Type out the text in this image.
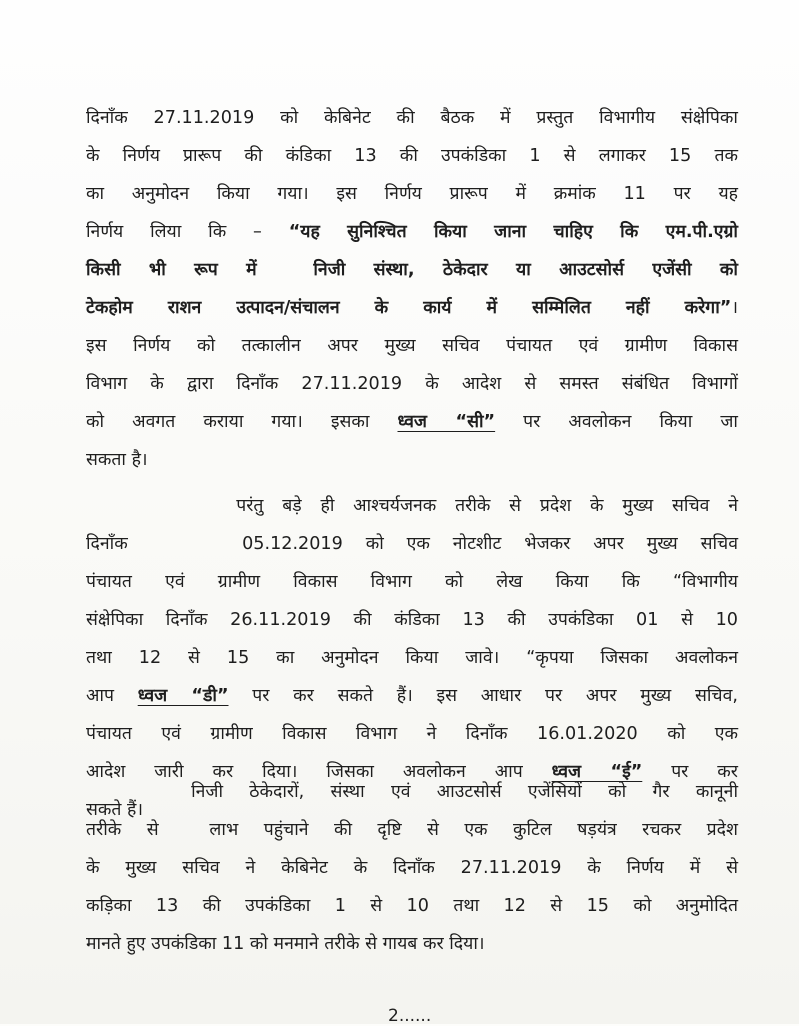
दिनाँक 27.11.2019 को केबिनेट की बैठक में प्रस्तुत विभागीय संक्षेपिका
के निर्णय प्रारूप की कंडिका 13 की उपकंडिका 1 से लगाकर 15 तक
का अनुमोदन किया गया। इस निर्णय प्रारूप में क्रमांक 11 पर यह
निर्णय लिया कि – “यह सुनिश्चित किया जाना चाहिए कि एम.पी.एग्रो
किसी भी रूप में  निजी संस्था, ठेकेदार या आउटसोर्स एजेंसी को
टेकहोम राशन उत्पादन/संचालन के कार्य में सम्मिलित नहीं करेगा”।
इस निर्णय को तत्कालीन अपर मुख्य सचिव पंचायत एवं ग्रामीण विकास
विभाग के द्वारा दिनाँक 27.11.2019 के आदेश से समस्त संबंधित विभागों
को अवगत कराया गया। इसका ध्वज “सी” पर अवलोकन किया जा
सकता है।
परंतु बड़े ही आश्चर्यजनक तरीके से प्रदेश के मुख्य सचिव ने
दिनाँक     05.12.2019 को एक नोटशीट भेजकर अपर मुख्य सचिव
पंचायत एवं ग्रामीण विकास विभाग को लेख किया कि “विभागीय
संक्षेपिका दिनाँक 26.11.2019 की कंडिका 13 की उपकंडिका 01 से 10
तथा 12 से 15 का अनुमोदन किया जावे। “कृपया जिसका अवलोकन
आप ध्वज “डी” पर कर सकते हैं। इस आधार पर अपर मुख्य सचिव,
पंचायत एवं ग्रामीण विकास विभाग ने दिनाँक 16.01.2020 को एक
आदेश जारी कर दिया। जिसका अवलोकन आप ध्वज “ई” पर कर
सकते हैं।
निजी ठेकेदारों, संस्था एवं आउटसोर्स एजेंसियों को गैर कानूनी
तरीके से  लाभ पहुंचाने की दृष्टि से एक कुटिल षड़यंत्र रचकर प्रदेश
के मुख्य सचिव ने केबिनेट के दिनाँक 27.11.2019 के निर्णय में से
कड़िका 13 की उपकंडिका 1 से 10 तथा 12 से 15 को अनुमोदित
मानते हुए उपकंडिका 11 को मनमाने तरीके से गायब कर दिया।
2......
